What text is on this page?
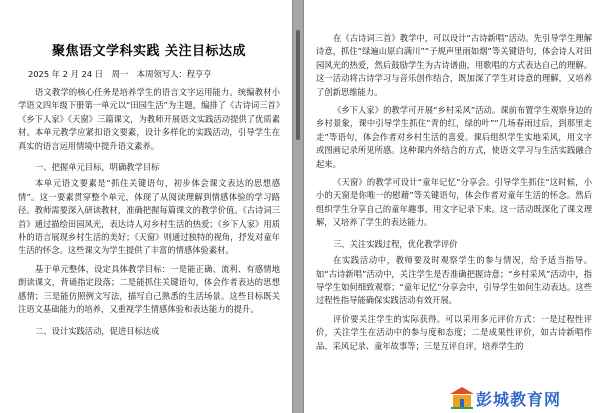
聚焦语文学科实践 关注目标达成
2025 年 2 月 24 日 周一 本周领写人：程亨亨

语文教学的核心任务是培养学生的语言文字运用能力。统编教材小学语文四年级下册第一单元以“田园生活”为主题，编排了《古诗词三首》《乡下人家》《天窗》三篇课文，为教师开展语文实践活动提供了优质素材。本单元教学应紧扣语文要素，设计多样化的实践活动，引导学生在真实的语言运用情境中提升语文素养。

一、把握单元目标，明确教学目标

本单元语文要素是“抓住关键语句，初步体会课文表达的思想感情”。这一要素贯穿整个单元，体现了从阅读理解到情感体验的学习路径。教师需要深入研读教材，准确把握每篇课文的教学价值。《古诗词三首》通过描绘田园风光，表达诗人对乡村生活的热爱；《乡下人家》用质朴的语言展现乡村生活的美好；《天窗》则通过独特的视角，抒发对童年生活的怀念。这些课文为学生提供了丰富的情感体验素材。

基于单元整体，设定具体教学目标：一是能正确、流利、有感情地朗读课文，背诵指定段落；二是能抓住关键语句，体会作者表达的思想感情；三是能仿照例文写法，描写自己熟悉的生活场景。这些目标既关注语文基础能力的培养，又重视学生情感体验和表达能力的提升。

二、设计实践活动，促进目标达成

在《古诗词三首》教学中，可以设计“古诗新唱”活动。先引导学生理解诗意，抓住“绿遍山原白满川”“子规声里雨如烟”等关键语句，体会诗人对田园风光的热爱，然后鼓励学生为古诗谱曲，用歌唱的方式表达自己的理解。这一活动将古诗学习与音乐创作结合，既加深了学生对诗意的理解，又培养了创新思维能力。

《乡下人家》的教学可开展“乡村采风”活动。课前布置学生观察身边的乡村景象，课中引导学生抓住“青的红，绿的叶”“几场春雨过后，到那里走走”等语句，体会作者对乡村生活的喜爱。课后组织学生实地采风，用文字或图画记录所见所感。这种课内外结合的方式，使语文学习与生活实践融合起来。

《天窗》的教学可设计“童年记忆”分享会。引导学生抓住“这时候，小小的天窗是你唯一的慰藉”等关键语句，体会作者对童年生活的怀念。然后组织学生分享自己的童年趣事，用文字记录下来。这一活动既深化了课文理解，又培养了学生的表达能力。

三、关注实践过程，优化教学评价

在实践活动中，教师要及时观察学生的参与情况，给予适当指导。如“古诗新唱”活动中，关注学生是否准确把握诗意；“乡村采风”活动中，指导学生如何细致观察；“童年记忆”分享会中，引导学生如何生动表达。这些过程性指导能确保实践活动有效开展。

评价要关注学生的实际获得。可以采用多元评价方式：一是过程性评价，关注学生在活动中的参与度和态度；二是成果性评价，如古诗新唱作品、采风记录、童年故事等；三是互评自评，培养学生的

彭城教育网
